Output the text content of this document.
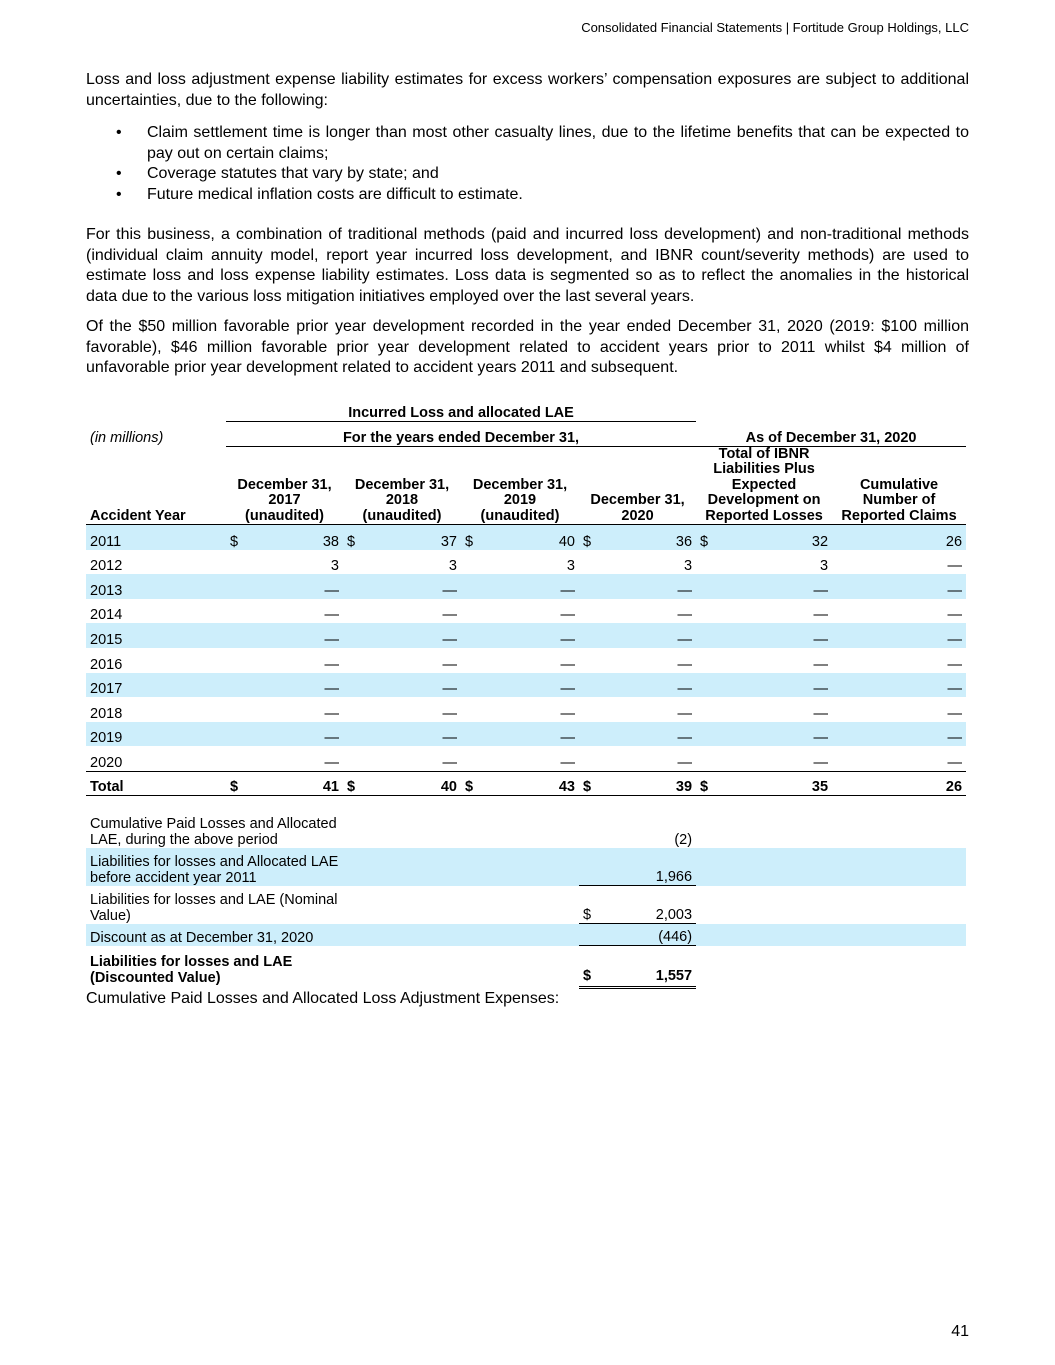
Consolidated Financial Statements | Fortitude Group Holdings, LLC

Loss and loss adjustment expense liability estimates for excess workers’ compensation exposures are subject to additional uncertainties, due to the following:

• Claim settlement time is longer than most other casualty lines, due to the lifetime benefits that can be expected to pay out on certain claims;
• Coverage statutes that vary by state; and
• Future medical inflation costs are difficult to estimate.

For this business, a combination of traditional methods (paid and incurred loss development) and non-traditional methods (individual claim annuity model, report year incurred loss development, and IBNR count/severity methods) are used to estimate loss and loss expense liability estimates. Loss data is segmented so as to reflect the anomalies in the historical data due to the various loss mitigation initiatives employed over the last several years.

Of the $50 million favorable prior year development recorded in the year ended December 31, 2020 (2019: $100 million favorable), $46 million favorable prior year development related to accident years prior to 2011 whilst $4 million of unfavorable prior year development related to accident years 2011 and subsequent.

	Incurred Loss and allocated LAE					
(in millions)	For the years ended December 31,				As of December 31, 2020	
Accident Year	December 31, 2017 (unaudited)	December 31, 2018 (unaudited)	December 31, 2019 (unaudited)	December 31, 2020	Total of IBNR Liabilities Plus Expected Development on Reported Losses	Cumulative Number of Reported Claims
2011	$ 38	$ 37	$ 40	$ 36	$ 32	26
2012	3	3	3	3	3	—
2013	—	—	—	—	—	—
2014	—	—	—	—	—	—
2015	—	—	—	—	—	—
2016	—	—	—	—	—	—
2017	—	—	—	—	—	—
2018	—	—	—	—	—	—
2019	—	—	—	—	—	—
2020	—	—	—	—	—	—
Total	$ 41	$ 40	$ 43	$ 39	$ 35	26
Cumulative Paid Losses and Allocated LAE, during the above period				(2)		
Liabilities for losses and Allocated LAE before accident year 2011				1,966		
Liabilities for losses and LAE (Nominal Value)				$ 2,003		
Discount as at December 31, 2020				(446)		
Liabilities for losses and LAE (Discounted Value)				$ 1,557		

Cumulative Paid Losses and Allocated Loss Adjustment Expenses:

41
